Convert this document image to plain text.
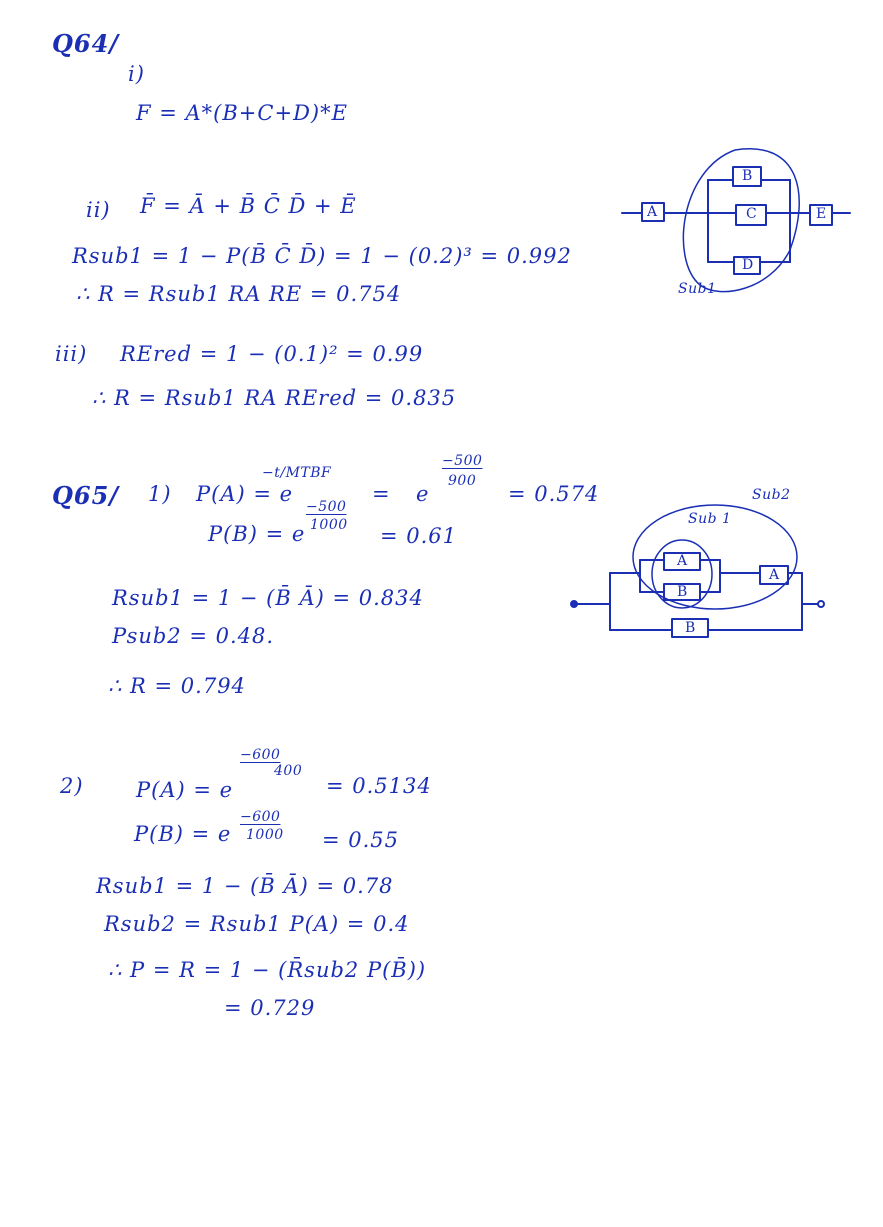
Q64/
i)
F = A*(B+C+D)*E
ii) F̄ = Ā + B̄ C̄ D̄ + Ē
Rsub1 = 1 − P(B̄ C̄ D̄) = 1 − (0.2)³ = 0.992
∴ R = Rsub1 RA RE = 0.754
iii) REred = 1 − (0.1)² = 0.99
∴ R = Rsub1 RA REred = 0.835
Q65/ 1) P(A) = e
−t/MTBF
= e
−500
900
= 0.574
P(B) = e
−500
1000 = 0.61
Rsub1 = 1 − (B̄ Ā) = 0.834
Psub2 = 0.48.
∴ R = 0.794
2) P(A) = e
−600
400
= 0.5134
P(B) = e
−600
1000 = 0.55
Rsub1 = 1 − (B̄ Ā) = 0.78
Rsub2 = Rsub1 P(A) = 0.4
∴ P = R = 1 − (R̄sub2 P(B̄))
= 0.729
A
B
C
D
E
Sub1
A
B
A
B
Sub 1
Sub2
